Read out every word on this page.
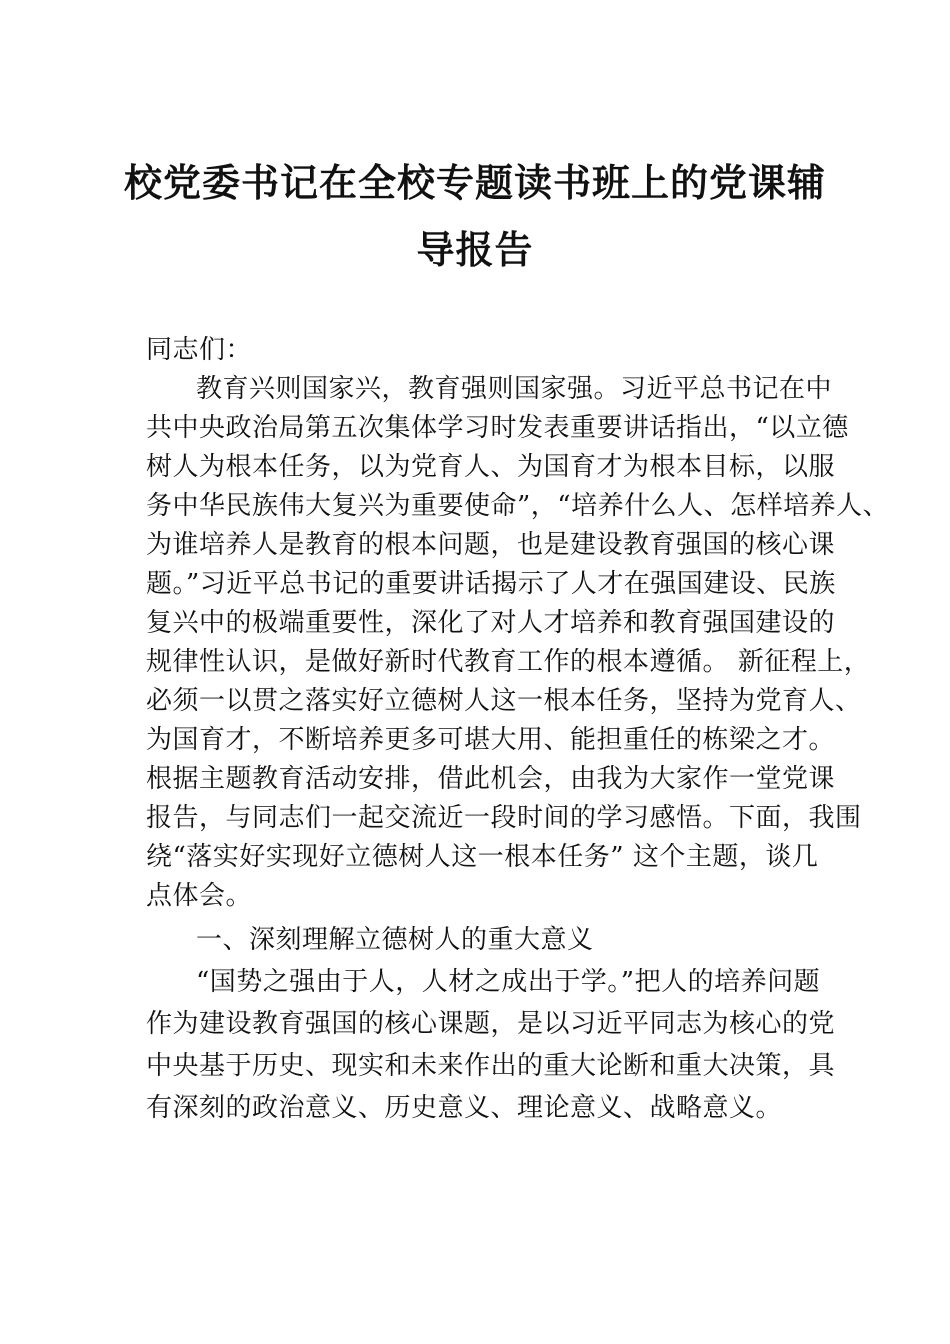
校党委书记在全校专题读书班上的党课辅
导报告
同志们：
教育兴则国家兴，教育强则国家强。习近平总书记在中
共中央政治局第五次集体学习时发表重要讲话指出，“以立德
树人为根本任务，以为党育人、为国育才为根本目标，以服
务中华民族伟大复兴为重要使命”，“培养什么人、怎样培养人、
为谁培养人是教育的根本问题，也是建设教育强国的核心课
题。”习近平总书记的重要讲话揭示了人才在强国建设、民族
复兴中的极端重要性，深化了对人才培养和教育强国建设的
规律性认识，是做好新时代教育工作的根本遵循。 新征程上，
必须一以贯之落实好立德树人这一根本任务，坚持为党育人、
为国育才，不断培养更多可堪大用、能担重任的栋梁之才。
根据主题教育活动安排，借此机会，由我为大家作一堂党课
报告，与同志们一起交流近一段时间的学习感悟。下面，我围
绕“落实好实现好立德树人这一根本任务” 这个主题，谈几
点体会。
一、深刻理解立德树人的重大意义
“国势之强由于人，人材之成出于学。”把人的培养问题
作为建设教育强国的核心课题，是以习近平同志为核心的党
中央基于历史、现实和未来作出的重大论断和重大决策，具
有深刻的政治意义、历史意义、理论意义、战略意义。
